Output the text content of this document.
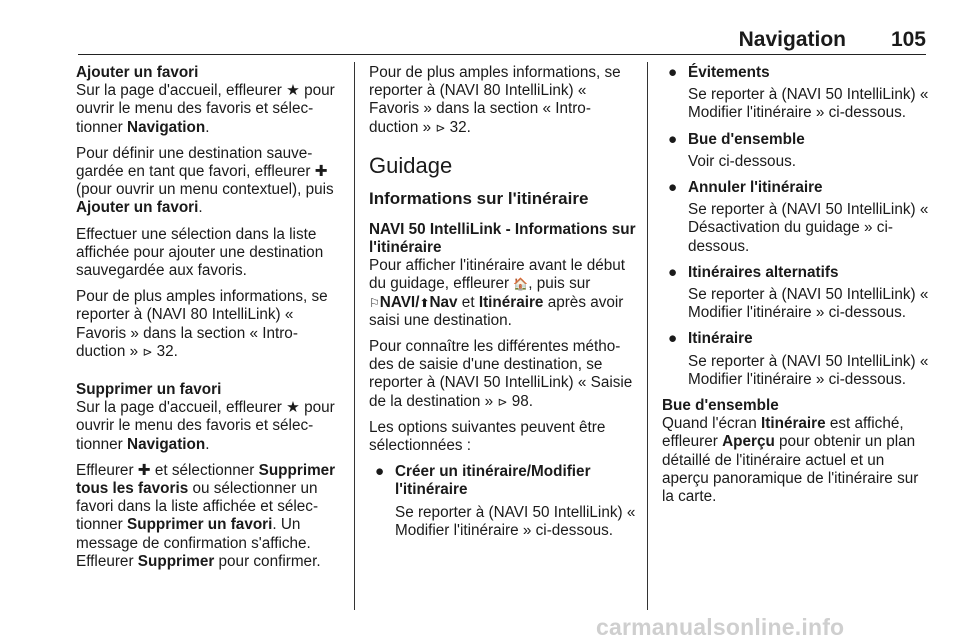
Navigation 105
Ajouter un favori

Sur la page d'accueil, effleurer ★ pour ouvrir le menu des favoris et sélec-tionner Navigation.

Pour définir une destination sauve-gardée en tant que favori, effleurer ✚ (pour ouvrir un menu contextuel), puis Ajouter un favori.

Effectuer une sélection dans la liste affichée pour ajouter une destination sauvegardée aux favoris.

Pour de plus amples informations, se reporter à (NAVI 80 IntelliLink) « Favoris » dans la section « Intro-duction » ⊳ 32.

Supprimer un favori

Sur la page d'accueil, effleurer ★ pour ouvrir le menu des favoris et sélec-tionner Navigation.

Effleurer ✚ et sélectionner Supprimer tous les favoris ou sélectionner un favori dans la liste affichée et sélec-tionner Supprimer un favori. Un message de confirmation s'affiche. Effleurer Supprimer pour confirmer.

Pour de plus amples informations, se reporter à (NAVI 80 IntelliLink) « Favoris » dans la section « Intro-duction » ⊳ 32.

Guidage
Informations sur l'itinéraire
NAVI 50 IntelliLink - Informations sur l'itinéraire

Pour afficher l'itinéraire avant le début du guidage, effleurer 🏠, puis sur ⚐NAVI/⬆Nav et Itinéraire après avoir saisi une destination.

Pour connaître les différentes métho-des de saisie d'une destination, se reporter à (NAVI 50 IntelliLink) « Saisie de la destination » ⊳ 98.

Les options suivantes peuvent être sélectionnées :

● Créer un itinéraire/Modifier l'itinéraire
Se reporter à (NAVI 50 IntelliLink) « Modifier l'itinéraire » ci-dessous.
● Évitements
Se reporter à (NAVI 50 IntelliLink) « Modifier l'itinéraire » ci-dessous.
● Bue d'ensemble
Voir ci-dessous.
● Annuler l'itinéraire
Se reporter à (NAVI 50 IntelliLink) « Désactivation du guidage » ci-dessous.
● Itinéraires alternatifs
Se reporter à (NAVI 50 IntelliLink) « Modifier l'itinéraire » ci-dessous.
● Itinéraire
Se reporter à (NAVI 50 IntelliLink) « Modifier l'itinéraire » ci-dessous.
Bue d'ensemble

Quand l'écran Itinéraire est affiché, effleurer Aperçu pour obtenir un plan détaillé de l'itinéraire actuel et un aperçu panoramique de l'itinéraire sur la carte.

carmanualsonline.info
